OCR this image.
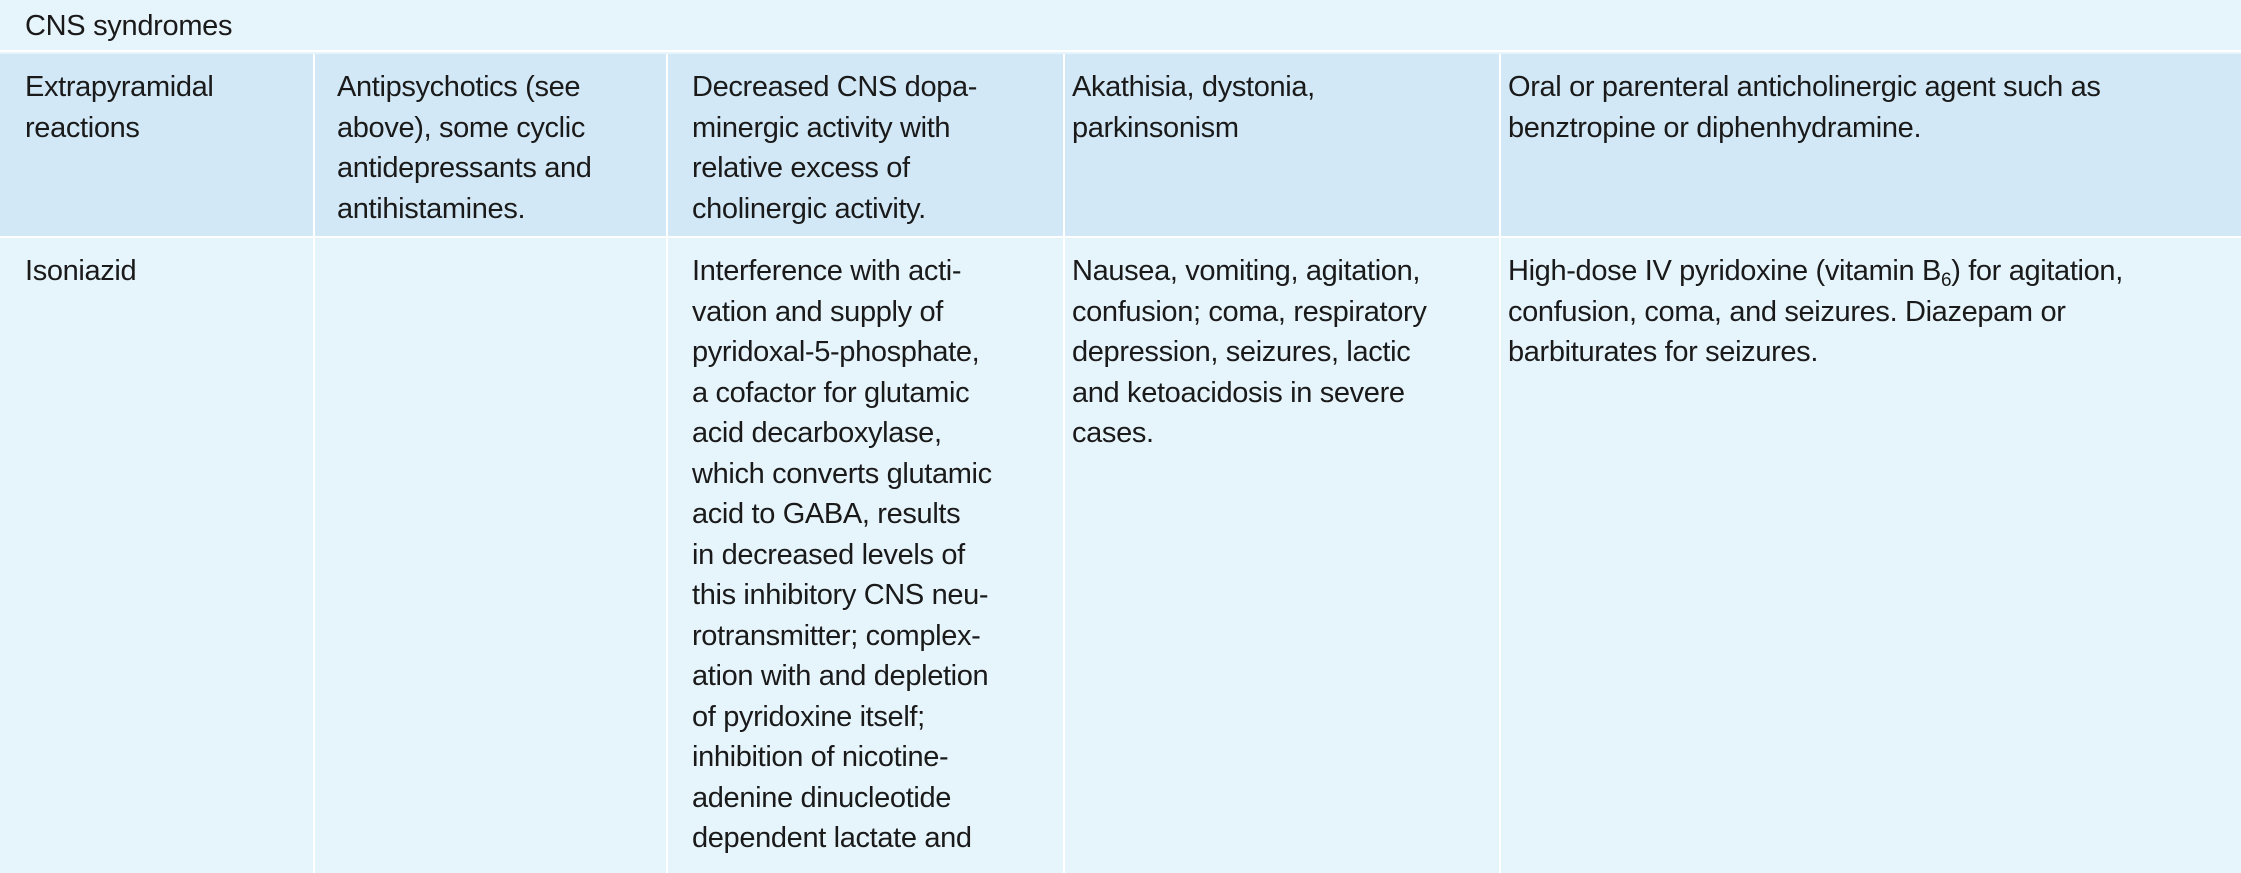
CNS syndromes
Extrapyramidal
reactions
Antipsychotics (see
above), some cyclic
antidepressants and
antihistamines.
Decreased CNS dopa-
minergic activity with
relative excess of
cholinergic activity.
Akathisia, dystonia,
parkinsonism
Oral or parenteral anticholinergic agent such as
benztropine or diphenhydramine.
Isoniazid	Interference with acti-
vation and supply of
pyridoxal-5-phosphate,
a cofactor for glutamic
acid decarboxylase,
which converts glutamic
acid to GABA, results
in decreased levels of
this inhibitory CNS neu-
rotransmitter; complex-
ation with and depletion
of pyridoxine itself;
inhibition of nicotine-
adenine dinucleotide
dependent lactate and
Nausea, vomiting, agitation,
confusion; coma, respiratory
depression, seizures, lactic
and ketoacidosis in severe
cases.
High-dose IV pyridoxine (vitamin $B_6$) for agitation,
confusion, coma, and seizures. Diazepam or
barbiturates for seizures.
